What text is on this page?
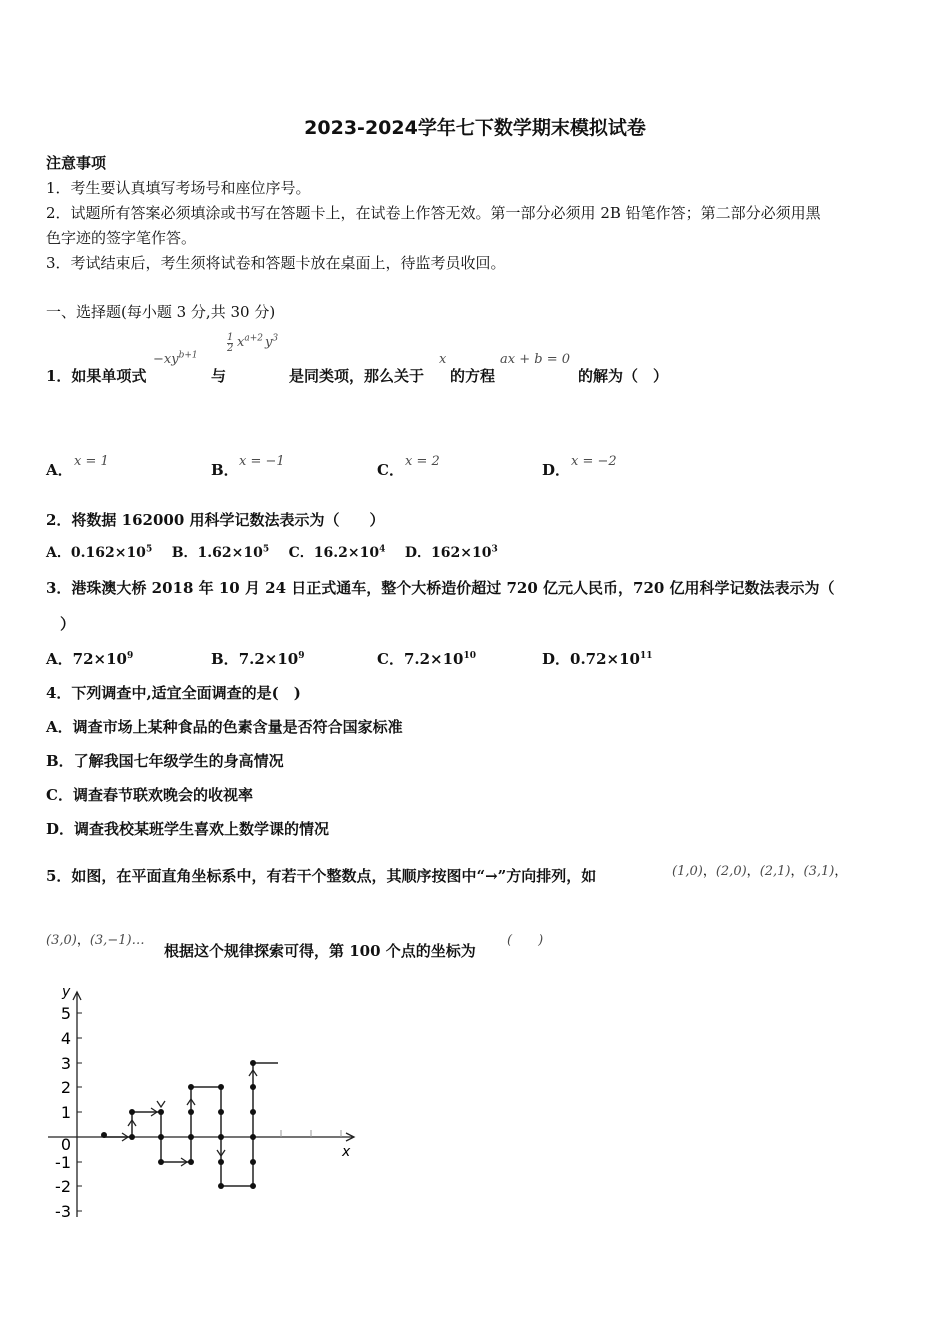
2023-2024学年七下数学期末模拟试卷
注意事项
1．考生要认真填写考场号和座位序号。
2．试题所有答案必须填涂或书写在答题卡上，在试卷上作答无效。第一部分必须用 2B 铅笔作答；第二部分必须用黑
色字迹的签字笔作答。
3．考试结束后，考生须将试卷和答题卡放在桌面上，待监考员收回。
一、选择题(每小题 3 分,共 30 分)
1．如果单项式
$-xy^{b+1}$
与
1
2 $x^{a+2}$ $y^3$
是同类项，那么关于
x
的方程
ax + b = 0
的解为（　）
A． x = 1	B． x = −1	C． x = 2	D． x = −2
2．将数据 162000 用科学记数法表示为（　　）
A．$0.162\times 10^5$ B．$1.62\times 10^5$ C．$16.2\times 10^4$ D．$162\times 10^3$
3．港珠澳大桥 2018 年 10 月 24 日正式通车，整个大桥造价超过 720 亿元人民币，720 亿用科学记数法表示为（
）
A．$72\times 10^9$	B．$7.2\times 10^9$	C．$7.2\times 10^{10}$	D．$0.72\times 10^{11}$
4．下列调查中,适宜全面调查的是(　)
A．调查市场上某种食品的色素含量是否符合国家标准
B．了解我国七年级学生的身高情况
C．调查春节联欢晚会的收视率
D．调查我校某班学生喜欢上数学课的情况
5．如图，在平面直角坐标系中，有若干个整数点，其顺序按图中“→”方向排列，如	(1,0)，(2,0)，(2,1)，(3,1)，
(3,0)，(3,−1)…
根据这个规律探索可得，第 100 个点的坐标为
(　　)
y
x
5
4
3
2
1
0
-1
-2
-3
